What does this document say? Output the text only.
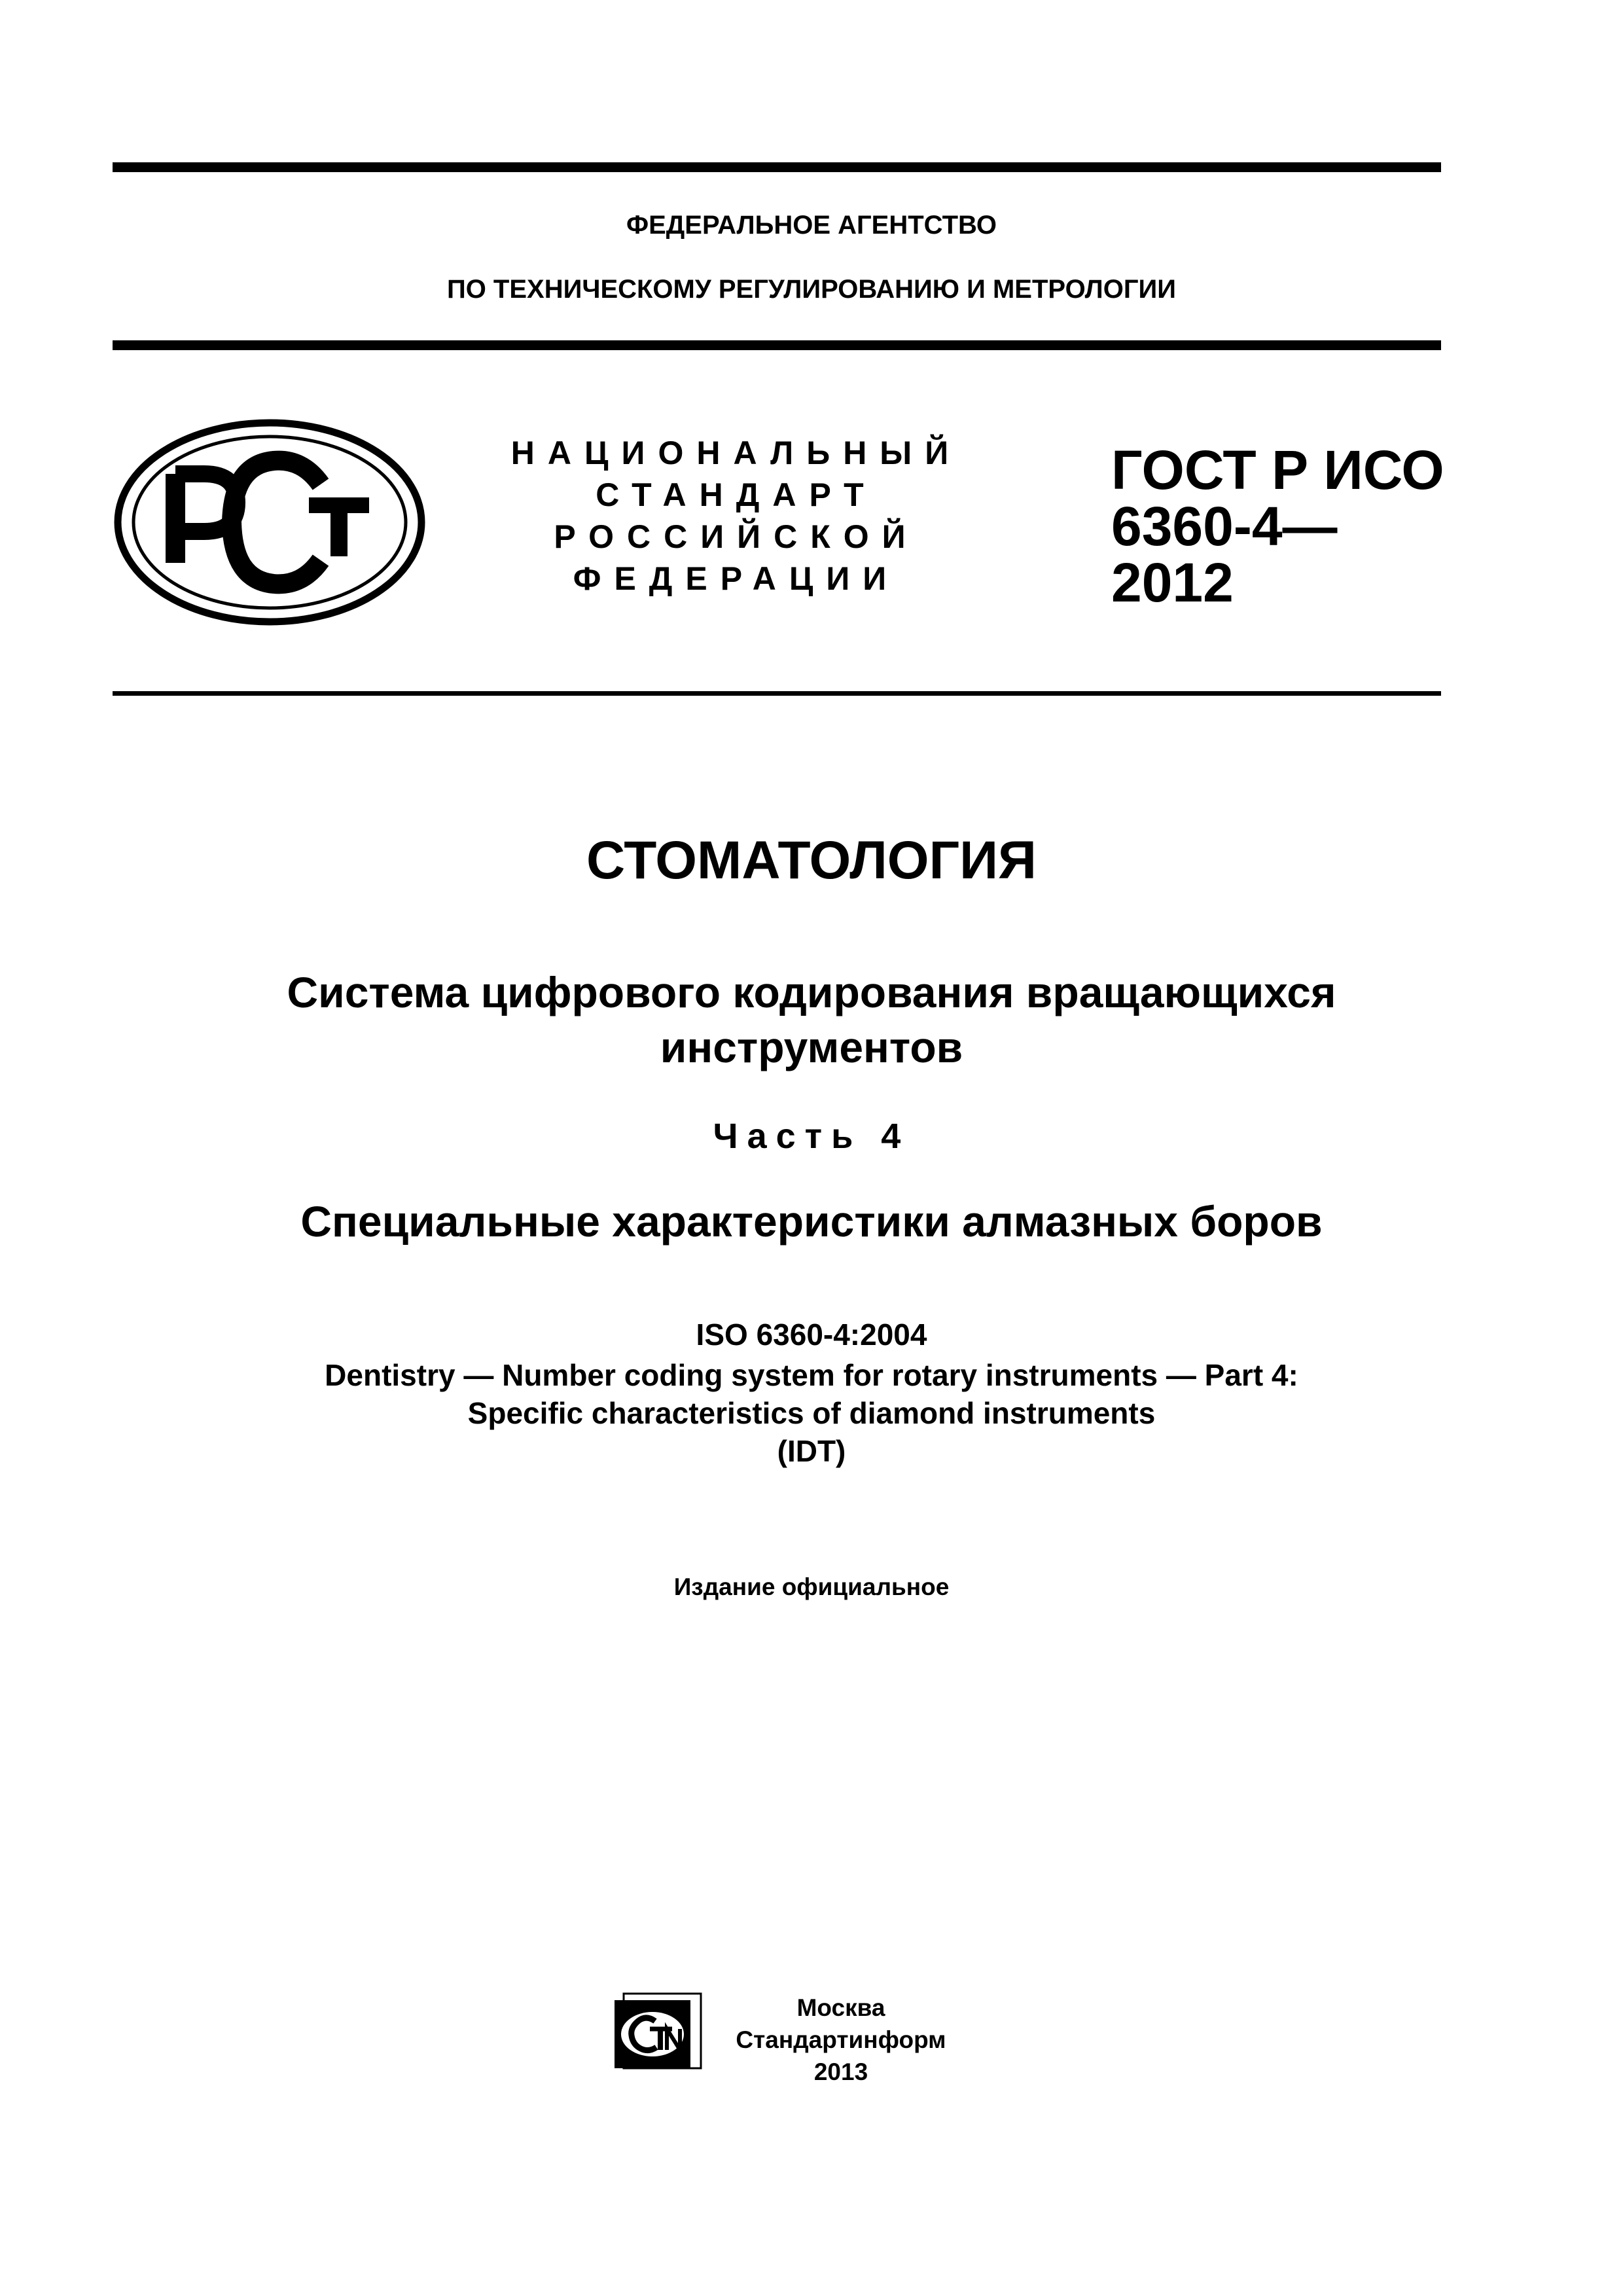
ФЕДЕРАЛЬНОЕ АГЕНТСТВО
ПО ТЕХНИЧЕСКОМУ РЕГУЛИРОВАНИЮ И МЕТРОЛОГИИ
НАЦИОНАЛЬНЫЙ
СТАНДАРТ
РОССИЙСКОЙ
ФЕДЕРАЦИИ
ГОСТ Р ИСО
6360-4—
2012
СТОМАТОЛОГИЯ
Система цифрового кодирования вращающихся
инструментов
Часть 4
Специальные характеристики алмазных боров
ISO 6360-4:2004
Dentistry — Number coding system for rotary instruments — Part 4:
Specific characteristics of diamond instruments
(IDT)
Издание официальное
Москва
Стандартинформ
2013
